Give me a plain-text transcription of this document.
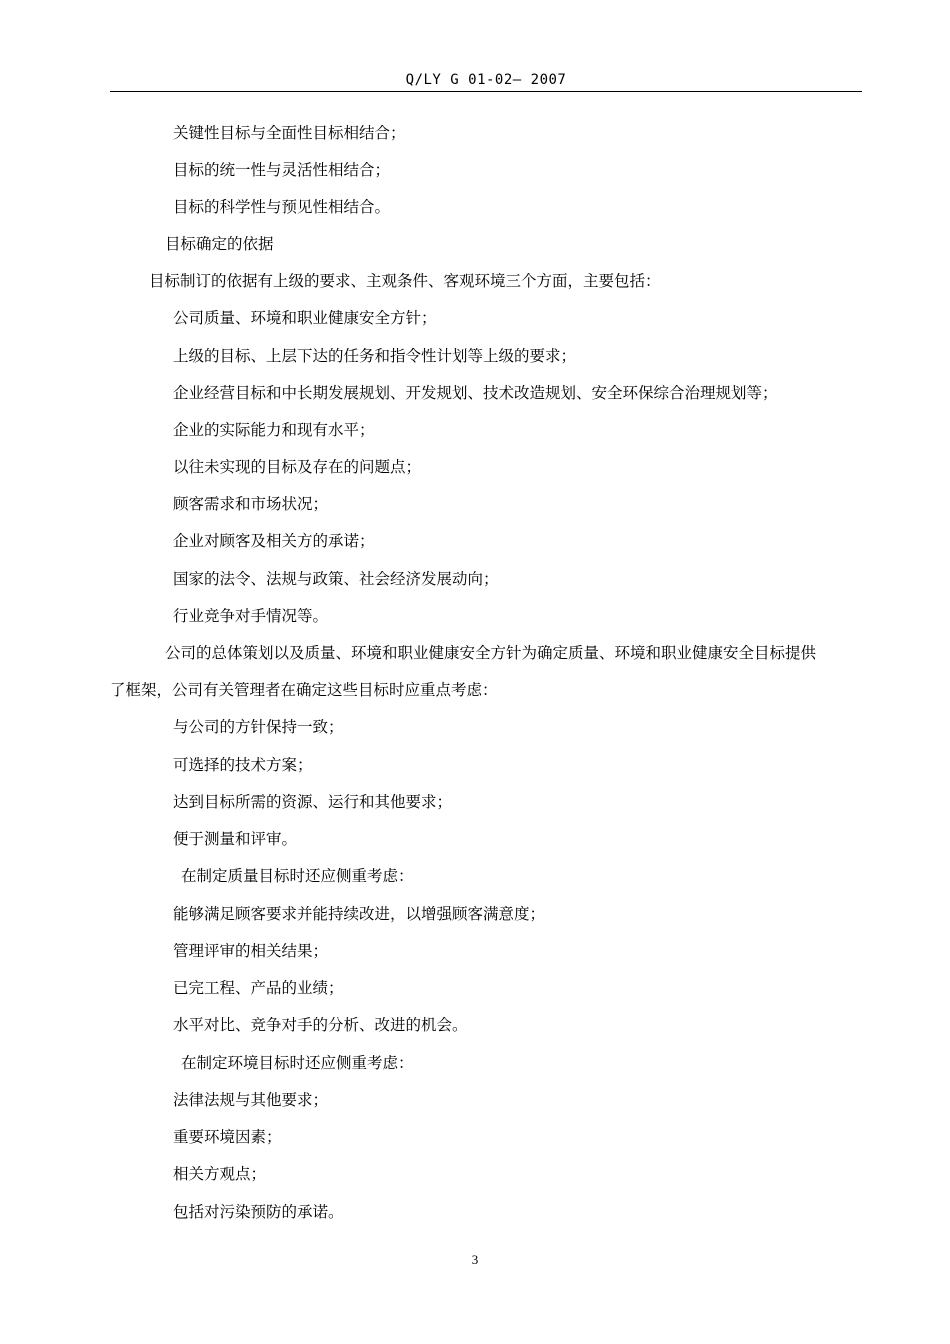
Q/LY G 01-02— 2007
关键性目标与全面性目标相结合；
目标的统一性与灵活性相结合；
目标的科学性与预见性相结合。
目标确定的依据
目标制订的依据有上级的要求、主观条件、客观环境三个方面，主要包括：
公司质量、环境和职业健康安全方针；
上级的目标、上层下达的任务和指令性计划等上级的要求；
企业经营目标和中长期发展规划、开发规划、技术改造规划、安全环保综合治理规划等；
企业的实际能力和现有水平；
以往未实现的目标及存在的问题点；
顾客需求和市场状况；
企业对顾客及相关方的承诺；
国家的法令、法规与政策、社会经济发展动向；
行业竞争对手情况等。
公司的总体策划以及质量、环境和职业健康安全方针为确定质量、环境和职业健康安全目标提供
了框架，公司有关管理者在确定这些目标时应重点考虑：
与公司的方针保持一致；
可选择的技术方案；
达到目标所需的资源、运行和其他要求；
便于测量和评审。
在制定质量目标时还应侧重考虑：
能够满足顾客要求并能持续改进，以增强顾客满意度；
管理评审的相关结果；
已完工程、产品的业绩；
水平对比、竞争对手的分析、改进的机会。
在制定环境目标时还应侧重考虑：
法律法规与其他要求；
重要环境因素；
相关方观点；
包括对污染预防的承诺。
3
